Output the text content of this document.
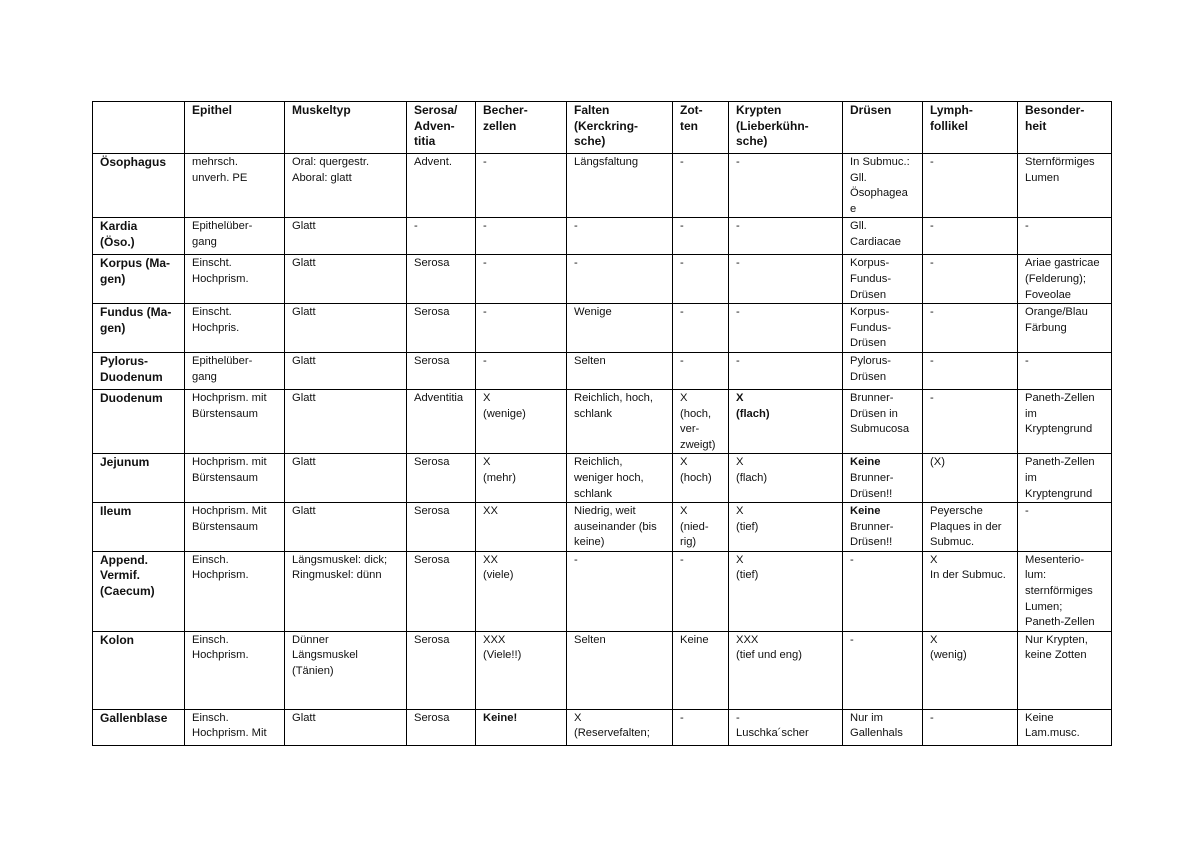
	Epithel	Muskeltyp	Serosa/
Adven-
titia	Becher-
zellen	Falten
(Kerckring-
sche)	Zot-
ten	Krypten
(Lieberkühn-
sche)	Drüsen	Lymph-
follikel	Besonder-
heit

Ösophagus	mehrsch.
unverh. PE	Oral: quergestr.
Aboral: glatt	Advent.	-	Längsfaltung	-	-	In Submuc.:
Gll.
Ösophagea
e	-	Sternförmiges
Lumen

Kardia
(Öso.)	Epithelüber-
gang	Glatt	-	-	-	-	-	Gll.
Cardiacae	-	-

Korpus (Ma-
gen)	Einscht.
Hochprism.	Glatt	Serosa	-	-	-	-	Korpus-
Fundus-
Drüsen	-	Ariae gastricae
(Felderung);
Foveolae

Fundus (Ma-
gen)	Einscht.
Hochpris.	Glatt	Serosa	-	Wenige	-	-	Korpus-
Fundus-
Drüsen	-	Orange/Blau
Färbung

Pylorus-
Duodenum	Epithelüber-
gang	Glatt	Serosa	-	Selten	-	-	Pylorus-
Drüsen	-	-

Duodenum	Hochprism. mit
Bürstensaum	Glatt	Adventitia	X
(wenige)	Reichlich, hoch,
schlank	X
(hoch,
ver-
zweigt)	X
(flach)	Brunner-
Drüsen in
Submucosa	-	Paneth-Zellen
im
Kryptengrund

Jejunum	Hochprism. mit
Bürstensaum	Glatt	Serosa	X
(mehr)	Reichlich,
weniger hoch,
schlank	X
(hoch)	X
(flach)	Keine
Brunner-
Drüsen!!	(X)	Paneth-Zellen
im
Kryptengrund

Ileum	Hochprism. Mit
Bürstensaum	Glatt	Serosa	XX	Niedrig, weit
auseinander (bis
keine)	X
(nied-
rig)	X
(tief)	Keine
Brunner-
Drüsen!!	Peyersche
Plaques in der
Submuc.	-

Append.
Vermif.
(Caecum)	Einsch.
Hochprism.	Längsmuskel: dick;
Ringmuskel: dünn	Serosa	XX
(viele)	-	-	X
(tief)	-	X
In der Submuc.	Mesenterio-
lum:
sternförmiges
Lumen;
Paneth-Zellen

Kolon	Einsch.
Hochprism.	Dünner
Längsmuskel
(Tänien)	Serosa	XXX
(Viele!!)	Selten	Keine	XXX
(tief und eng)	-	X
(wenig)	Nur Krypten,
keine Zotten

Gallenblase	Einsch.
Hochprism. Mit	Glatt	Serosa	Keine!	X
(Reservefalten;	-	-
Luschka´scher	Nur im
Gallenhals	-	Keine
Lam.musc.
